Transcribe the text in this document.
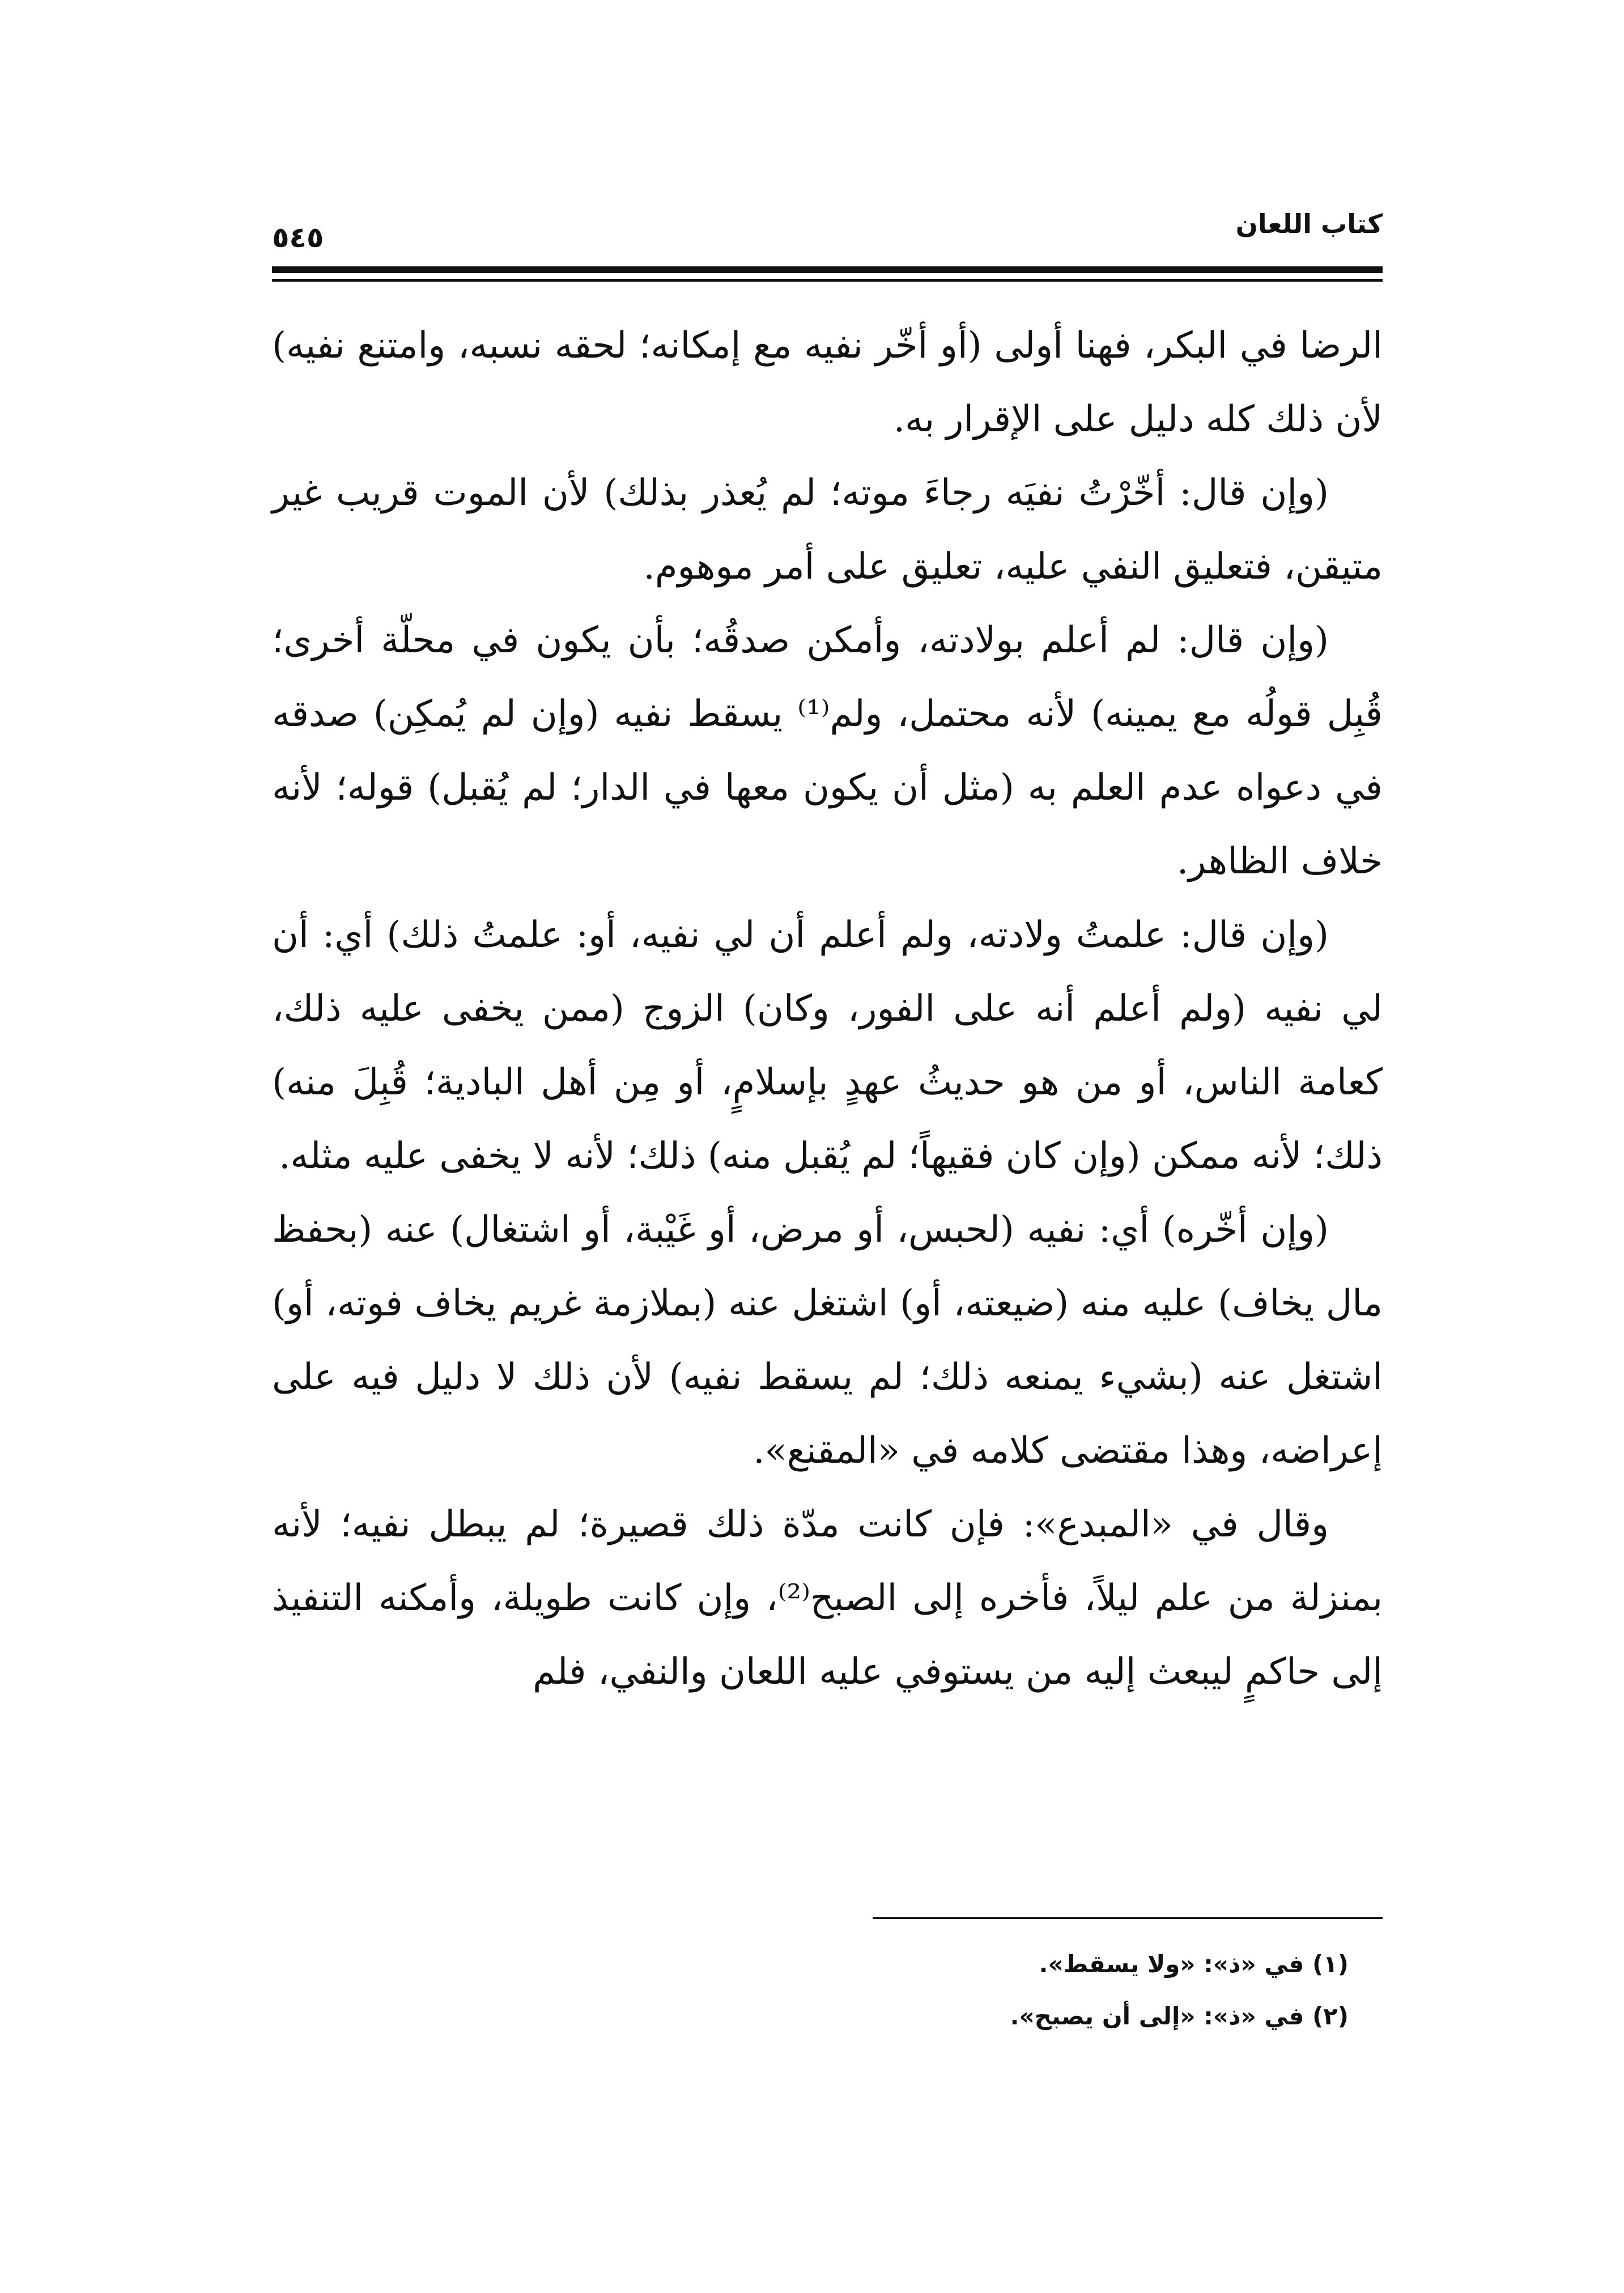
كتاب اللعان
٥٤٥

الرضا في البكر، فهنا أولى (أو أخّر نفيه مع إمكانه؛ لحقه نسبه، وامتنع نفيه) لأن ذلك كله دليل على الإقرار به.

(وإن قال: أخّرْتُ نفيَه رجاءَ موته؛ لم يُعذر بذلك) لأن الموت قريب غير متيقن، فتعليق النفي عليه، تعليق على أمر موهوم.

(وإن قال: لم أعلم بولادته، وأمكن صدقُه؛ بأن يكون في محلّة أخرى؛ قُبِل قولُه مع يمينه) لأنه محتمل، ولم⁽¹⁾ يسقط نفيه (وإن لم يُمكِن) صدقه في دعواه عدم العلم به (مثل أن يكون معها في الدار؛ لم يُقبل) قوله؛ لأنه خلاف الظاهر.

(وإن قال: علمتُ ولادته، ولم أعلم أن لي نفيه، أو: علمتُ ذلك) أي: أن لي نفيه (ولم أعلم أنه على الفور، وكان) الزوج (ممن يخفى عليه ذلك، كعامة الناس، أو من هو حديثُ عهدٍ بإسلامٍ، أو مِن أهل البادية؛ قُبِلَ منه) ذلك؛ لأنه ممكن (وإن كان فقيهاً؛ لم يُقبل منه) ذلك؛ لأنه لا يخفى عليه مثله.

(وإن أخّره) أي: نفيه (لحبس، أو مرض، أو غَيْبة، أو اشتغال) عنه (بحفظ مال يخاف) عليه منه (ضيعته، أو) اشتغل عنه (بملازمة غريم يخاف فوته، أو) اشتغل عنه (بشيء يمنعه ذلك؛ لم يسقط نفيه) لأن ذلك لا دليل فيه على إعراضه، وهذا مقتضى كلامه في «المقنع».

وقال في «المبدع»: فإن كانت مدّة ذلك قصيرة؛ لم يبطل نفيه؛ لأنه بمنزلة من علم ليلاً، فأخره إلى الصبح⁽²⁾، وإن كانت طويلة، وأمكنه التنفيذ إلى حاكمٍ ليبعث إليه من يستوفي عليه اللعان والنفي، فلم

(١) في «ذ»: «ولا يسقط».

(٢) في «ذ»: «إلى أن يصبح».
